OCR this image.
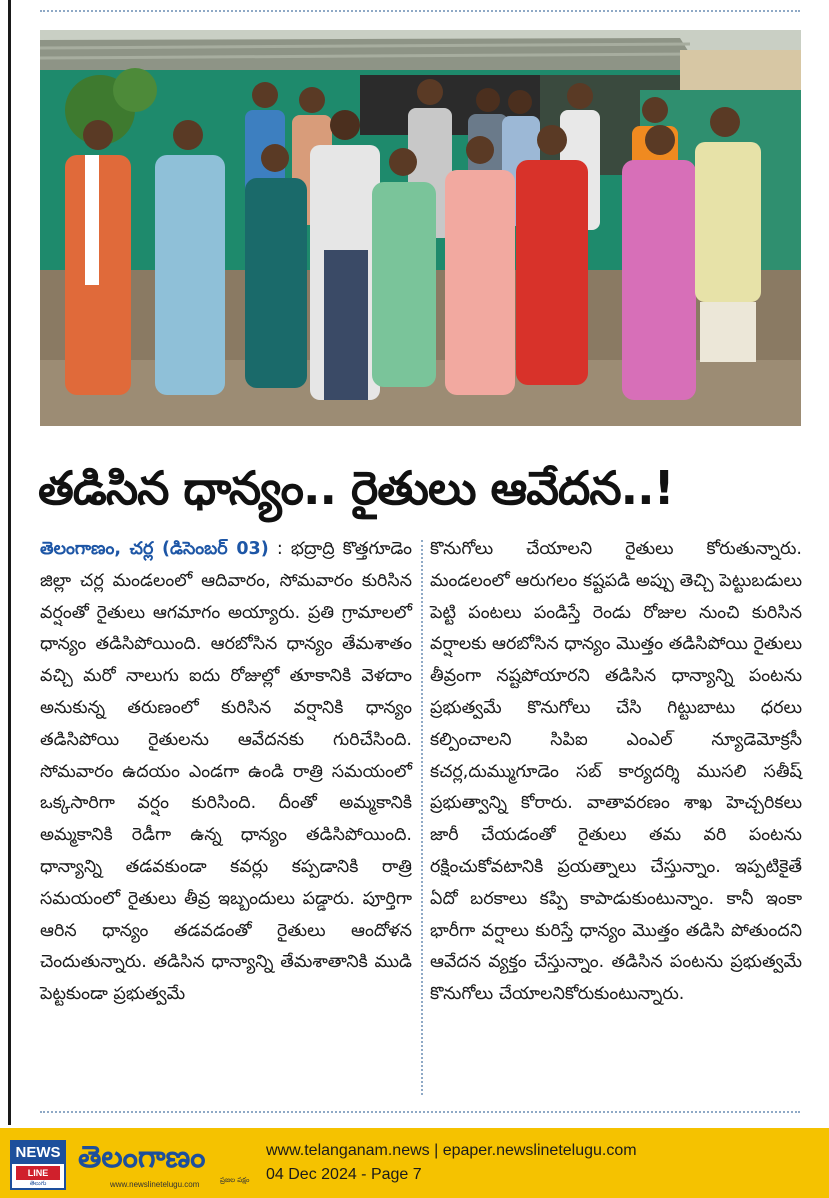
తడిసిన ధాన్యం.. రైతులు ఆవేదన..!
తెలంగాణం, చర్ల (డిసెంబర్ 03) : భద్రాద్రి కొత్తగూడెం జిల్లా చర్ల మండలంలో ఆదివారం, సోమవారం కురిసిన వర్షంతో రైతులు ఆగమాగం అయ్యారు. ప్రతి గ్రామాలలో ధాన్యం తడిసిపోయింది. ఆరబోసిన ధాన్యం తేమశాతం వచ్చి మరో నాలుగు ఐదు రోజుల్లో తూకానికి వెళదాం అనుకున్న తరుణంలో కురిసిన వర్షానికి ధాన్యం తడిసిపోయి రైతులను ఆవేదనకు గురిచేసింది. సోమవారం ఉదయం ఎండగా ఉండి రాత్రి సమయంలో ఒక్కసారిగా వర్షం కురిసింది. దీంతో అమ్మకానికి అమ్మకానికి రెడీగా ఉన్న ధాన్యం తడిసిపోయింది. ధాన్యాన్ని తడవకుండా కవర్లు కప్పడానికి రాత్రి సమయంలో రైతులు తీవ్ర ఇబ్బందులు పడ్డారు. పూర్తిగా ఆరిన ధాన్యం తడవడంతో రైతులు ఆందోళన చెందుతున్నారు. తడిసిన ధాన్యాన్ని తేమశాతానికి ముడి పెట్టకుండా ప్రభుత్వమే
కొనుగోలు చేయాలని రైతులు కోరుతున్నారు. మండలంలో ఆరుగలం కష్టపడి అప్పు తెచ్చి పెట్టుబడులు పెట్టి పంటలు పండిస్తే రెండు రోజుల నుంచి కురిసిన వర్షాలకు ఆరబోసిన ధాన్యం మొత్తం తడిసిపోయి రైతులు తీవ్రంగా నష్టపోయారని తడిసిన ధాన్యాన్ని పంటను ప్రభుత్వమే కొనుగోలు చేసి గిట్టుబాటు ధరలు కల్పించాలని సిపిఐ ఎంఎల్ న్యూడెమోక్రసీ కచర్ల,దుమ్ముగూడెం సబ్ కార్యదర్శి ముసలి సతీష్ ప్రభుత్వాన్ని కోరారు. వాతావరణం శాఖ హెచ్చరికలు జారీ చేయడంతో రైతులు తమ వరి పంటను రక్షించుకోవటానికి ప్రయత్నాలు చేస్తున్నాం. ఇప్పటికైతే ఏదో బరకాలు కప్పి కాపాడుకుంటున్నాం. కానీ ఇంకా భారీగా వర్షాలు కురిస్తే ధాన్యం మొత్తం తడిసి పోతుందని ఆవేదన వ్యక్తం చేస్తున్నాం. తడిసిన పంటను ప్రభుత్వమే కొనుగోలు చేయాలనికోరుకుంటున్నారు.
NEWS
LINE
తెలుగు
తెలంగాణం
www.newslinetelugu.com	ప్రజల పక్షం
www.telanganam.news | epaper.newslinetelugu.com
04 Dec 2024 - Page 7
